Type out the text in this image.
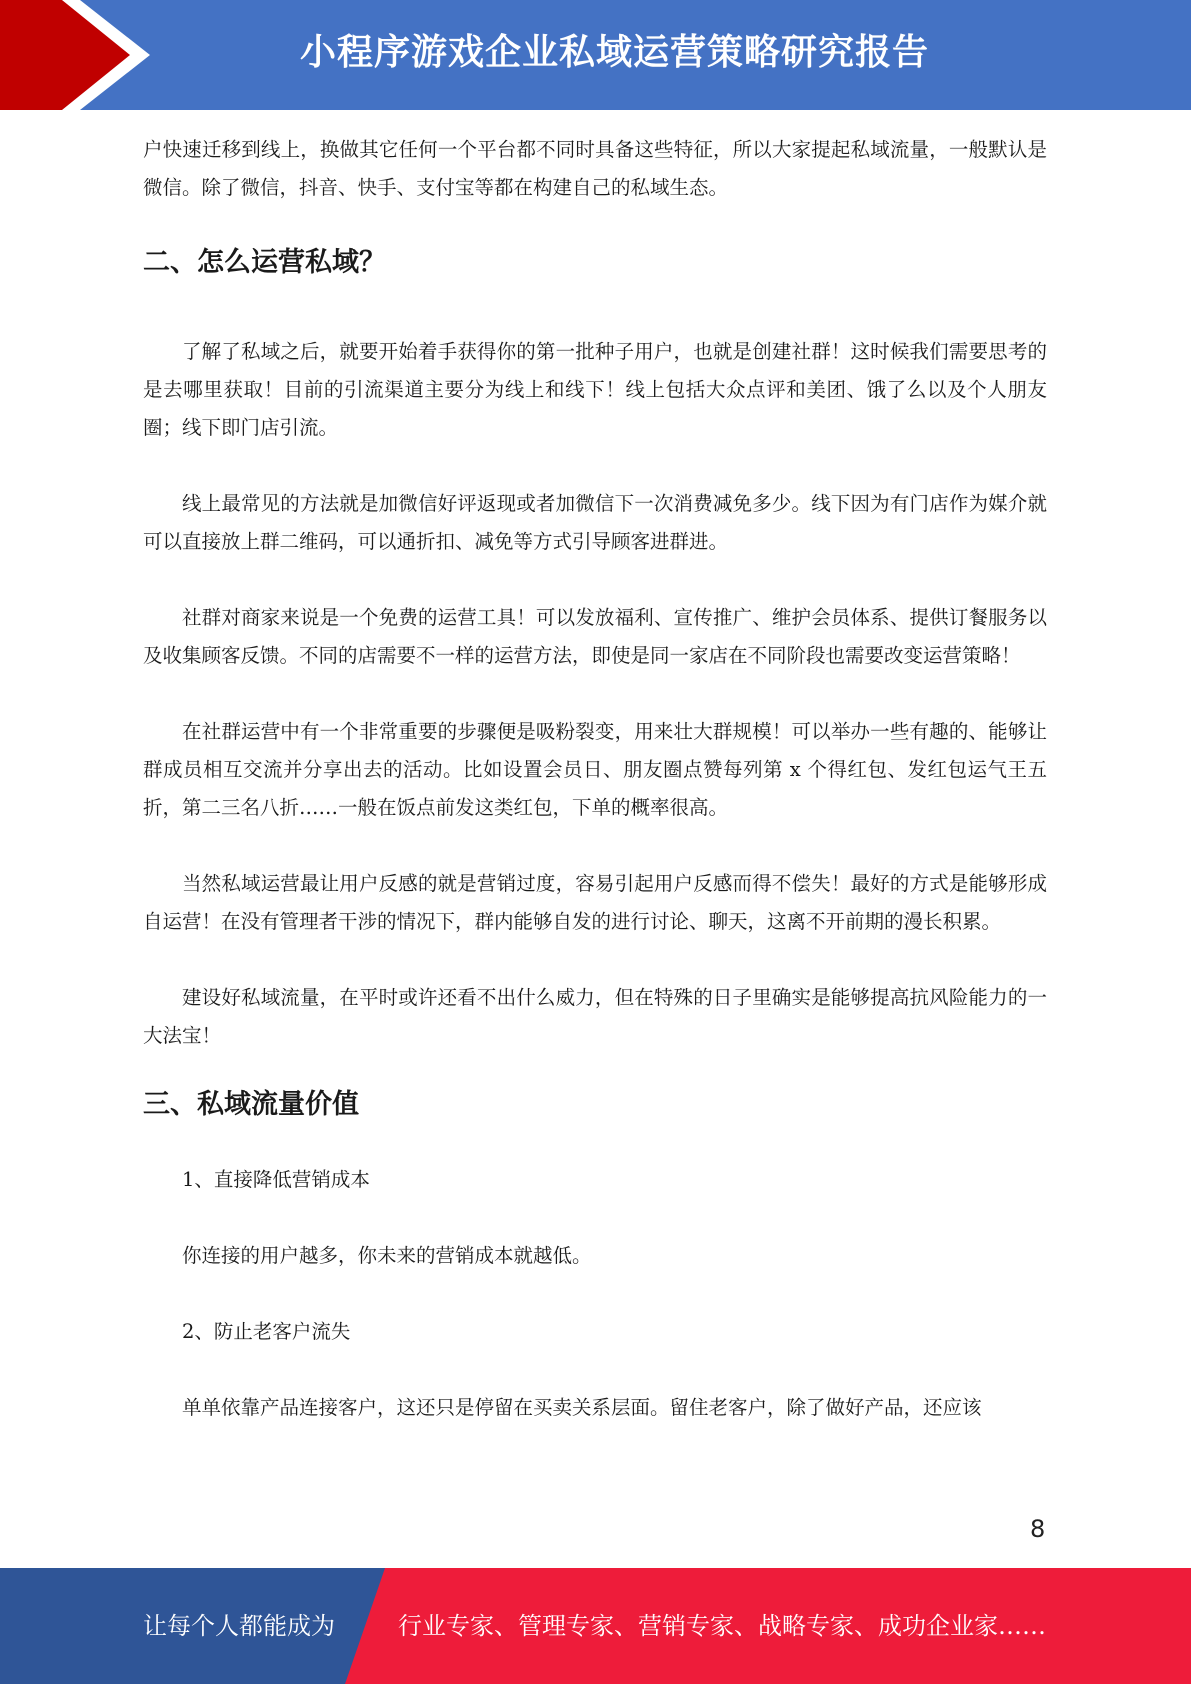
小程序游戏企业私域运营策略研究报告

户快速迁移到线上，换做其它任何一个平台都不同时具备这些特征，所以大家提起私域流量，一般默认是微信。除了微信，抖音、快手、支付宝等都在构建自己的私域生态。

二、怎么运营私域？

了解了私域之后，就要开始着手获得你的第一批种子用户，也就是创建社群！这时候我们需要思考的是去哪里获取！目前的引流渠道主要分为线上和线下！线上包括大众点评和美团、饿了么以及个人朋友圈；线下即门店引流。

线上最常见的方法就是加微信好评返现或者加微信下一次消费减免多少。线下因为有门店作为媒介就可以直接放上群二维码，可以通折扣、减免等方式引导顾客进群进。

社群对商家来说是一个免费的运营工具！可以发放福利、宣传推广、维护会员体系、提供订餐服务以及收集顾客反馈。不同的店需要不一样的运营方法，即使是同一家店在不同阶段也需要改变运营策略！

在社群运营中有一个非常重要的步骤便是吸粉裂变，用来壮大群规模！可以举办一些有趣的、能够让群成员相互交流并分享出去的活动。比如设置会员日、朋友圈点赞每列第 x 个得红包、发红包运气王五折，第二三名八折……一般在饭点前发这类红包，下单的概率很高。

当然私域运营最让用户反感的就是营销过度，容易引起用户反感而得不偿失！最好的方式是能够形成自运营！在没有管理者干涉的情况下，群内能够自发的进行讨论、聊天，这离不开前期的漫长积累。

建设好私域流量，在平时或许还看不出什么威力，但在特殊的日子里确实是能够提高抗风险能力的一大法宝！

三、私域流量价值

1、直接降低营销成本

你连接的用户越多，你未来的营销成本就越低。

2、防止老客户流失

单单依靠产品连接客户，这还只是停留在买卖关系层面。留住老客户，除了做好产品，还应该

8
让每个人都能成为	行业专家、管理专家、营销专家、战略专家、成功企业家……
